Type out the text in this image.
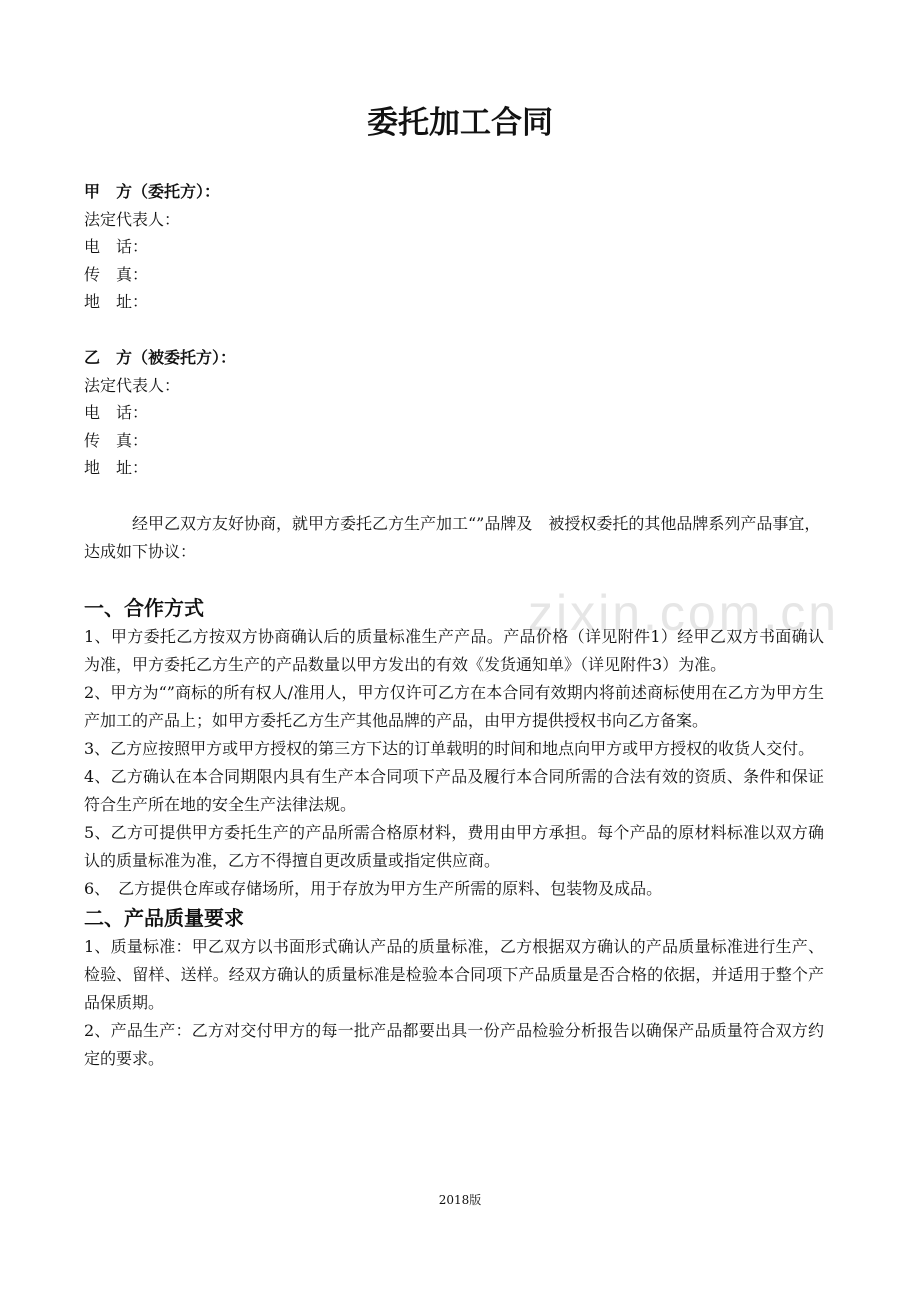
zixin.com.cn
委托加工合同
甲　方（委托方）：
法定代表人：
电　话：
传　真：
地　址：
乙　方（被委托方）：
法定代表人：
电　话：
传　真：
地　址：
经甲乙双方友好协商，就甲方委托乙方生产加工“”品牌及　被授权委托的其他品牌系列产品事宜，达成如下协议：
一、合作方式

1、甲方委托乙方按双方协商确认后的质量标准生产产品。产品价格（详见附件1）经甲乙双方书面确认为准，甲方委托乙方生产的产品数量以甲方发出的有效《发货通知单》（详见附件3）为准。

2、甲方为“”商标的所有权人/准用人，甲方仅许可乙方在本合同有效期内将前述商标使用在乙方为甲方生产加工的产品上；如甲方委托乙方生产其他品牌的产品，由甲方提供授权书向乙方备案。

3、乙方应按照甲方或甲方授权的第三方下达的订单载明的时间和地点向甲方或甲方授权的收货人交付。

4、乙方确认在本合同期限内具有生产本合同项下产品及履行本合同所需的合法有效的资质、条件和保证符合生产所在地的安全生产法律法规。

5、乙方可提供甲方委托生产的产品所需合格原材料，费用由甲方承担。每个产品的原材料标准以双方确认的质量标准为准，乙方不得擅自更改质量或指定供应商。

6、　乙方提供仓库或存储场所，用于存放为甲方生产所需的原料、包装物及成品。

二、产品质量要求

1、质量标准：甲乙双方以书面形式确认产品的质量标准，乙方根据双方确认的产品质量标准进行生产、检验、留样、送样。经双方确认的质量标准是检验本合同项下产品质量是否合格的依据，并适用于整个产品保质期。

2、产品生产：乙方对交付甲方的每一批产品都要出具一份产品检验分析报告以确保产品质量符合双方约定的要求。

2018版
